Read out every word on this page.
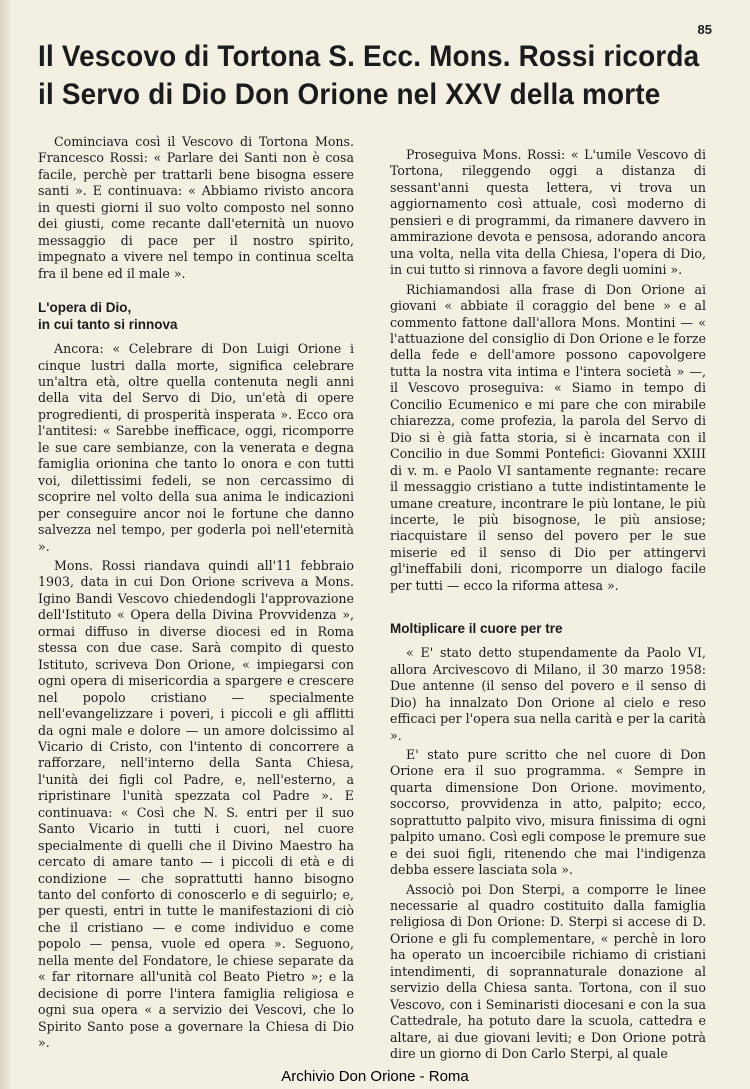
85
Il Vescovo di Tortona S. Ecc. Mons. Rossi ricorda
il Servo di Dio Don Orione nel XXV della morte

Cominciava così il Vescovo di Tortona Mons. Francesco Rossi: « Parlare dei Santi non è cosa facile, perchè per trattarli bene bisogna essere santi ». E continuava: « Abbiamo rivisto ancora in questi giorni il suo volto composto nel sonno dei giusti, come recante dall'eternità un nuovo messaggio di pace per il nostro spirito, impegnato a vivere nel tempo in continua scelta fra il bene ed il male ».

L'opera di Dio,
in cui tanto si rinnova

Ancora: « Celebrare di Don Luigi Orione i cinque lustri dalla morte, significa celebrare un'altra età, oltre quella contenuta negli anni della vita del Servo di Dio, un'età di opere progredienti, di prosperità insperata ». Ecco ora l'antitesi: « Sarebbe inefficace, oggi, ricomporre le sue care sembianze, con la venerata e degna famiglia orionina che tanto lo onora e con tutti voi, dilettissimi fedeli, se non cercassimo di scoprire nel volto della sua anima le indicazioni per conseguire ancor noi le fortune che danno salvezza nel tempo, per goderla poi nell'eternità ».

Mons. Rossi riandava quindi all'11 febbraio 1903, data in cui Don Orione scriveva a Mons. Igino Bandi Vescovo chiedendogli l'approvazione dell'Istituto « Opera della Divina Provvidenza », ormai diffuso in diverse diocesi ed in Roma stessa con due case. Sarà compito di questo Istituto, scriveva Don Orione, « impiegarsi con ogni opera di misericordia a spargere e crescere nel popolo cristiano — specialmente nell'evangelizzare i poveri, i piccoli e gli afflitti da ogni male e dolore — un amore dolcissimo al Vicario di Cristo, con l'intento di concorrere a rafforzare, nell'interno della Santa Chiesa, l'unità dei figli col Padre, e, nell'esterno, a ripristinare l'unità spezzata col Padre ». E continuava: « Così che N. S. entri per il suo Santo Vicario in tutti i cuori, nel cuore specialmente di quelli che il Divino Maestro ha cercato di amare tanto — i piccoli di età e di condizione — che soprattutti hanno bisogno tanto del conforto di conoscerlo e di seguirlo; e, per questi, entri in tutte le manifestazioni di ciò che il cristiano — e come individuo e come popolo — pensa, vuole ed opera ». Seguono, nella mente del Fondatore, le chiese separate da « far ritornare all'unità col Beato Pietro »; e la decisione di porre l'intera famiglia religiosa e ogni sua opera « a servizio dei Vescovi, che lo Spirito Santo pose a governare la Chiesa di Dio ».

Proseguiva Mons. Rossi: « L'umile Vescovo di Tortona, rileggendo oggi a distanza di sessant'anni questa lettera, vi trova un aggiornamento così attuale, così moderno di pensieri e di programmi, da rimanere davvero in ammirazione devota e pensosa, adorando ancora una volta, nella vita della Chiesa, l'opera di Dio, in cui tutto si rinnova a favore degli uomini ».

Richiamandosi alla frase di Don Orione ai giovani « abbiate il coraggio del bene » e al commento fattone dall'allora Mons. Montini — « l'attuazione del consiglio di Don Orione e le forze della fede e dell'amore possono capovolgere tutta la nostra vita intima e l'intera società » —, il Vescovo proseguiva: « Siamo in tempo di Concilio Ecumenico e mi pare che con mirabile chiarezza, come profezia, la parola del Servo di Dio si è già fatta storia, si è incarnata con il Concilio in due Sommi Pontefici: Giovanni XXIII di v. m. e Paolo VI santamente regnante: recare il messaggio cristiano a tutte indistintamente le umane creature, incontrare le più lontane, le più incerte, le più bisognose, le più ansiose; riacquistare il senso del povero per le sue miserie ed il senso di Dio per attingervi gl'ineffabili doni, ricomporre un dialogo facile per tutti — ecco la riforma attesa ».

Moltiplicare il cuore per tre

« E' stato detto stupendamente da Paolo VI, allora Arcivescovo di Milano, il 30 marzo 1958: Due antenne (il senso del povero e il senso di Dio) ha innalzato Don Orione al cielo e reso efficaci per l'opera sua nella carità e per la carità ».

E' stato pure scritto che nel cuore di Don Orione era il suo programma. « Sempre in quarta dimensione Don Orione. movimento, soccorso, provvidenza in atto, palpito; ecco, soprattutto palpito vivo, misura finissima di ogni palpito umano. Così egli compose le premure sue e dei suoi figli, ritenendo che mai l'indigenza debba essere lasciata sola ».

Associò poi Don Sterpi, a comporre le linee necessarie al quadro costituito dalla famiglia religiosa di Don Orione: D. Sterpi si accese di D. Orione e gli fu complementare, « perchè in loro ha operato un incoercibile richiamo di cristiani intendimenti, di soprannaturale donazione al servizio della Chiesa santa. Tortona, con il suo Vescovo, con i Seminaristi diocesani e con la sua Cattedrale, ha potuto dare la scuola, cattedra e altare, ai due giovani leviti; e Don Orione potrà dire un giorno di Don Carlo Sterpi, al quale

Archivio Don Orione - Roma
